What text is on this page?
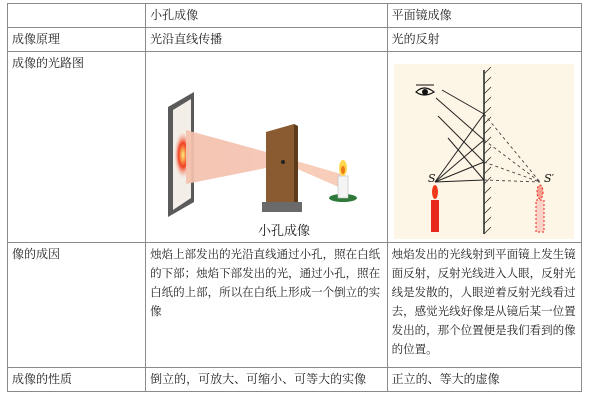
	小孔成像	平面镜成像
成像原理	光沿直线传播	光的反射
成像的光路图	小孔成像	S S′

像的成因	烛焰上部发出的光沿直线通过小孔，照在白纸的下部；烛焰下部发出的光，通过小孔，照在白纸的上部，所以在白纸上形成一个倒立的实像	烛焰发出的光线射到平面镜上发生镜面反射，反射光线进入人眼，反射光线是发散的，人眼逆着反射光线看过去，感觉光线好像是从镜后某一位置发出的，那个位置便是我们看到的像的位置。
成像的性质	倒立的，可放大、可缩小、可等大的实像	正立的、等大的虚像
